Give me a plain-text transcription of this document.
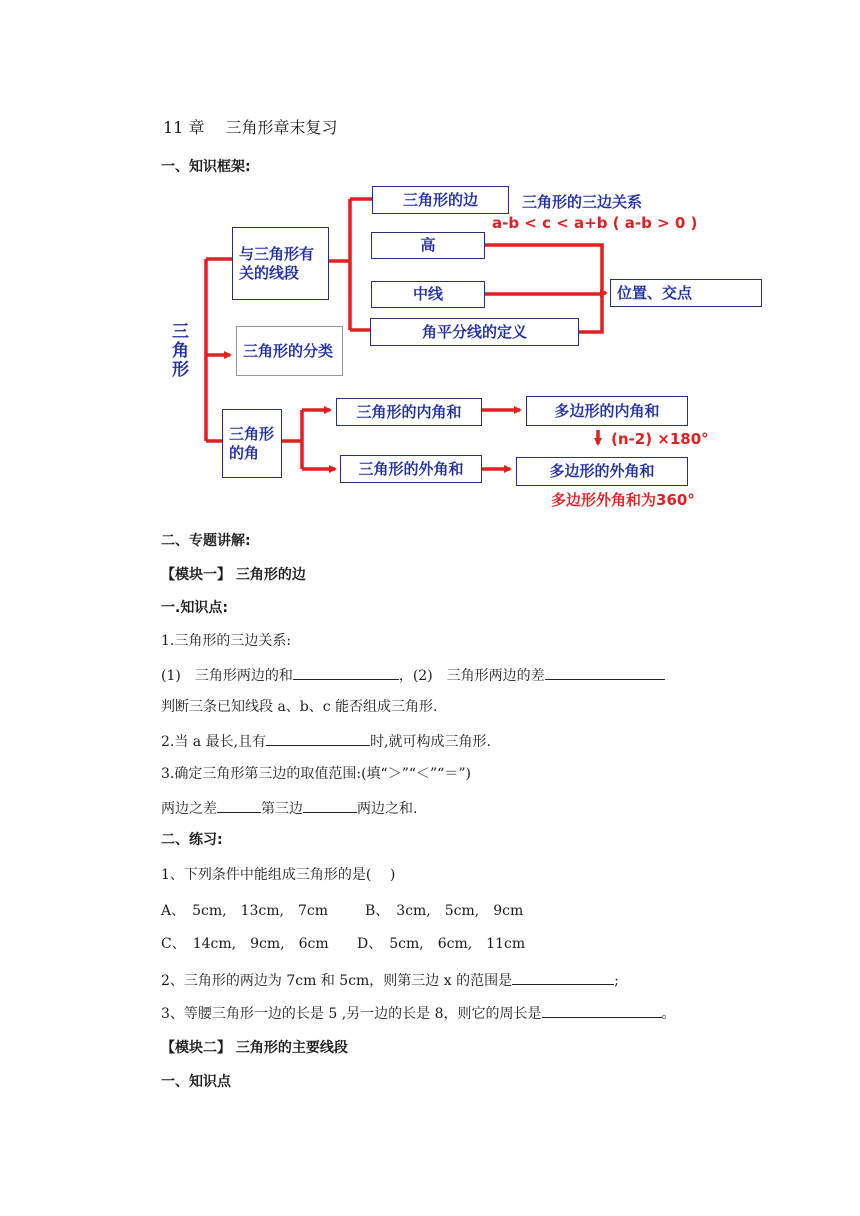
11 章　 三角形章末复习
一、知识框架:
三角形
与三角形有关的线段
三角形的分类
三角形的角
三角形的边	三角形的三边关系
a-b < c < a+b ( a-b > 0 )
高
中线
角平分线的定义
位置、交点
三角形的内角和
三角形的外角和
多边形的内角和
(n-2) ×180°
多边形的外角和
多边形外角和为360°
二、专题讲解:
【模块一】 三角形的边
一.知识点:
1.三角形的三边关系:
(1)　三角形两边的和	，(2)　三角形两边的差
判断三条已知线段 a、b、c 能否组成三角形.
2.当 a 最长,且有	时,就可构成三角形.
3.确定三角形第三边的取值范围:(填“＞”“＜”“＝”)
两边之差	第三边	两边之和.
二、练习:
1、下列条件中能组成三角形的是(　 )
A、　5cm,　13cm,　7cm	B、　3cm,　5cm,　9cm
C、　14cm,　9cm,　6cm D、　5cm,　6cm,　11cm
2、三角形的两边为 7cm 和 5cm，则第三边 x 的范围是	;
3、等腰三角形一边的长是 5 ,另一边的长是 8，则它的周长是	。
【模块二】 三角形的主要线段
一、知识点
